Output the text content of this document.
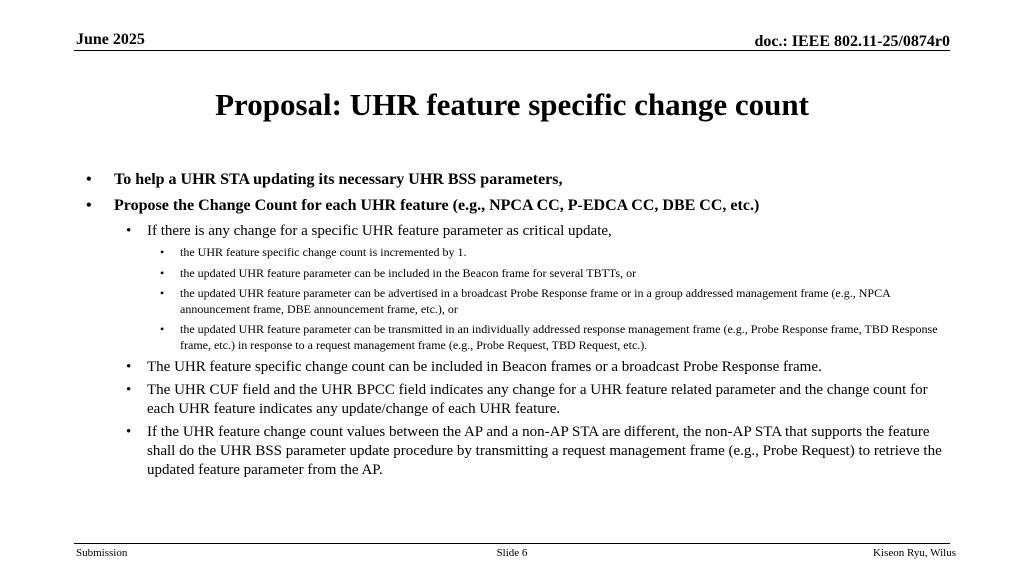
June 2025	doc.: IEEE 802.11-25/0874r0
Proposal: UHR feature specific change count
• To help a UHR STA updating its necessary UHR BSS parameters,
• Propose the Change Count for each UHR feature (e.g., NPCA CC, P-EDCA CC, DBE CC, etc.)
• If there is any change for a specific UHR feature parameter as critical update,
• the UHR feature specific change count is incremented by 1.
• the updated UHR feature parameter can be included in the Beacon frame for several TBTTs, or
• the updated UHR feature parameter can be advertised in a broadcast Probe Response frame or in a group addressed management frame (e.g., NPCA announcement frame, DBE announcement frame, etc.), or
• the updated UHR feature parameter can be transmitted in an individually addressed response management frame (e.g., Probe Response frame, TBD Response frame, etc.) in response to a request management frame (e.g., Probe Request, TBD Request, etc.).
• The UHR feature specific change count can be included in Beacon frames or a broadcast Probe Response frame.
• The UHR CUF field and the UHR BPCC field indicates any change for a UHR feature related parameter and the change count for each UHR feature indicates any update/change of each UHR feature.
• If the UHR feature change count values between the AP and a non-AP STA are different, the non-AP STA that supports the feature shall do the UHR BSS parameter update procedure by transmitting a request management frame (e.g., Probe Request) to retrieve the updated feature parameter from the AP.
Submission	Slide 6	Kiseon Ryu, Wilus
